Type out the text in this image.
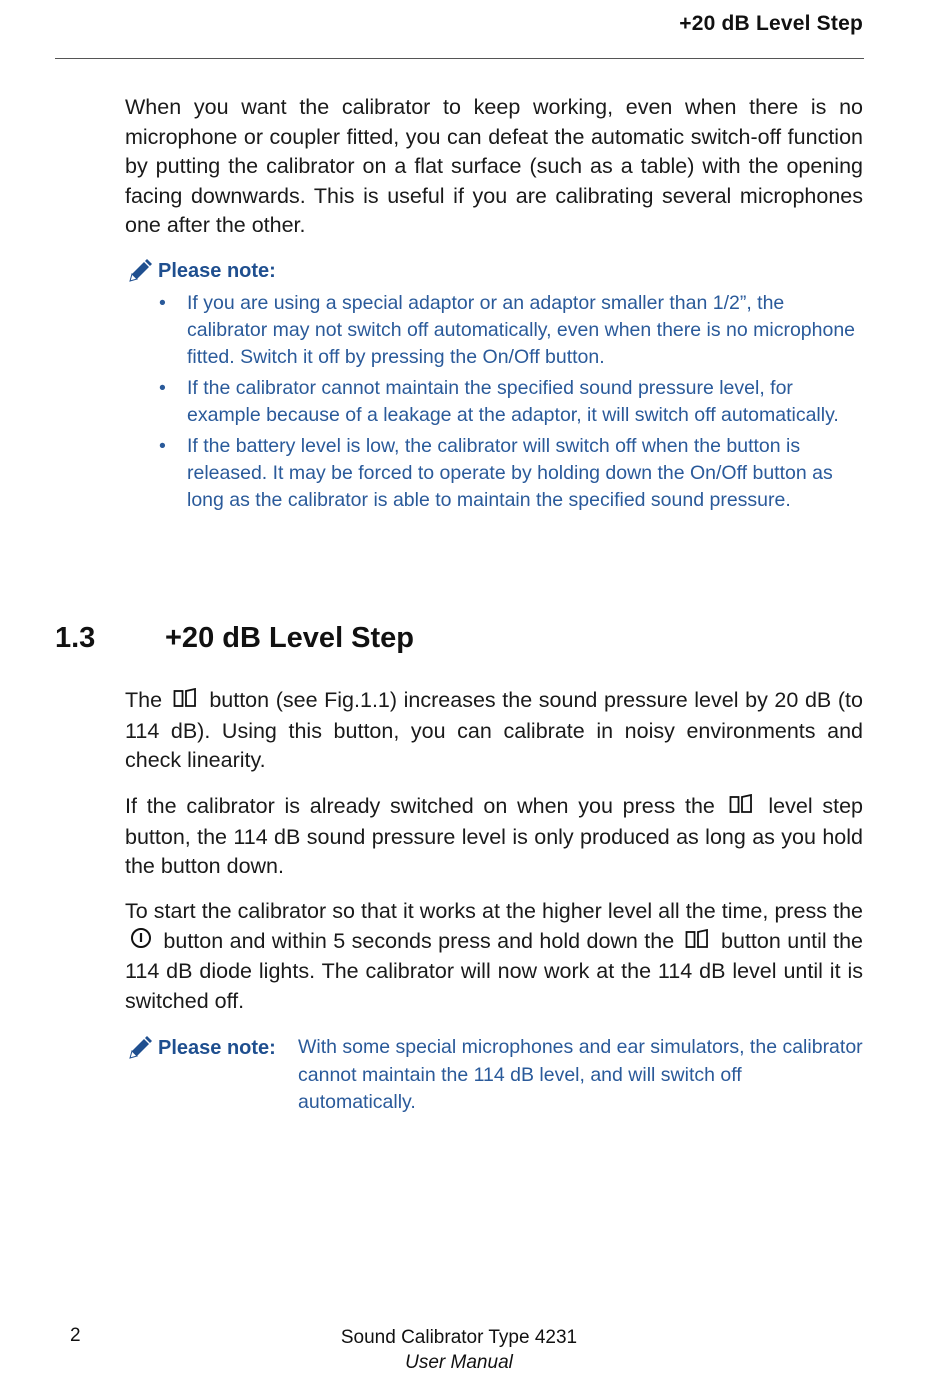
+20 dB Level Step
When you want the calibrator to keep working, even when there is no microphone or coupler fitted, you can defeat the automatic switch-off function by putting the calibrator on a flat surface (such as a table) with the opening facing downwards. This is useful if you are calibrating several microphones one after the other.
Please note:
• If you are using a special adaptor or an adaptor smaller than 1/2”, the calibrator may not switch off automatically, even when there is no microphone fitted. Switch it off by pressing the On/Off button.
• If the calibrator cannot maintain the specified sound pressure level, for example because of a leakage at the adaptor, it will switch off automatically.
• If the battery level is low, the calibrator will switch off when the button is released. It may be forced to operate by holding down the On/Off button as long as the calibrator is able to maintain the specified sound pressure.
1.3	+20 dB Level Step
The button (see Fig.1.1) increases the sound pressure level by 20 dB (to 114 dB). Using this button, you can calibrate in noisy environments and check linearity.
If the calibrator is already switched on when you press the level step button, the 114 dB sound pressure level is only produced as long as you hold the button down.
To start the calibrator so that it works at the higher level all the time, press the  button and within 5 seconds press and hold down the button until the 114 dB diode lights. The calibrator will now work at the 114 dB level until it is switched off.
Please note: With some special microphones and ear simulators, the calibrator cannot maintain the 114 dB level, and will switch off automatically.
2	Sound Calibrator Type 4231
User Manual
